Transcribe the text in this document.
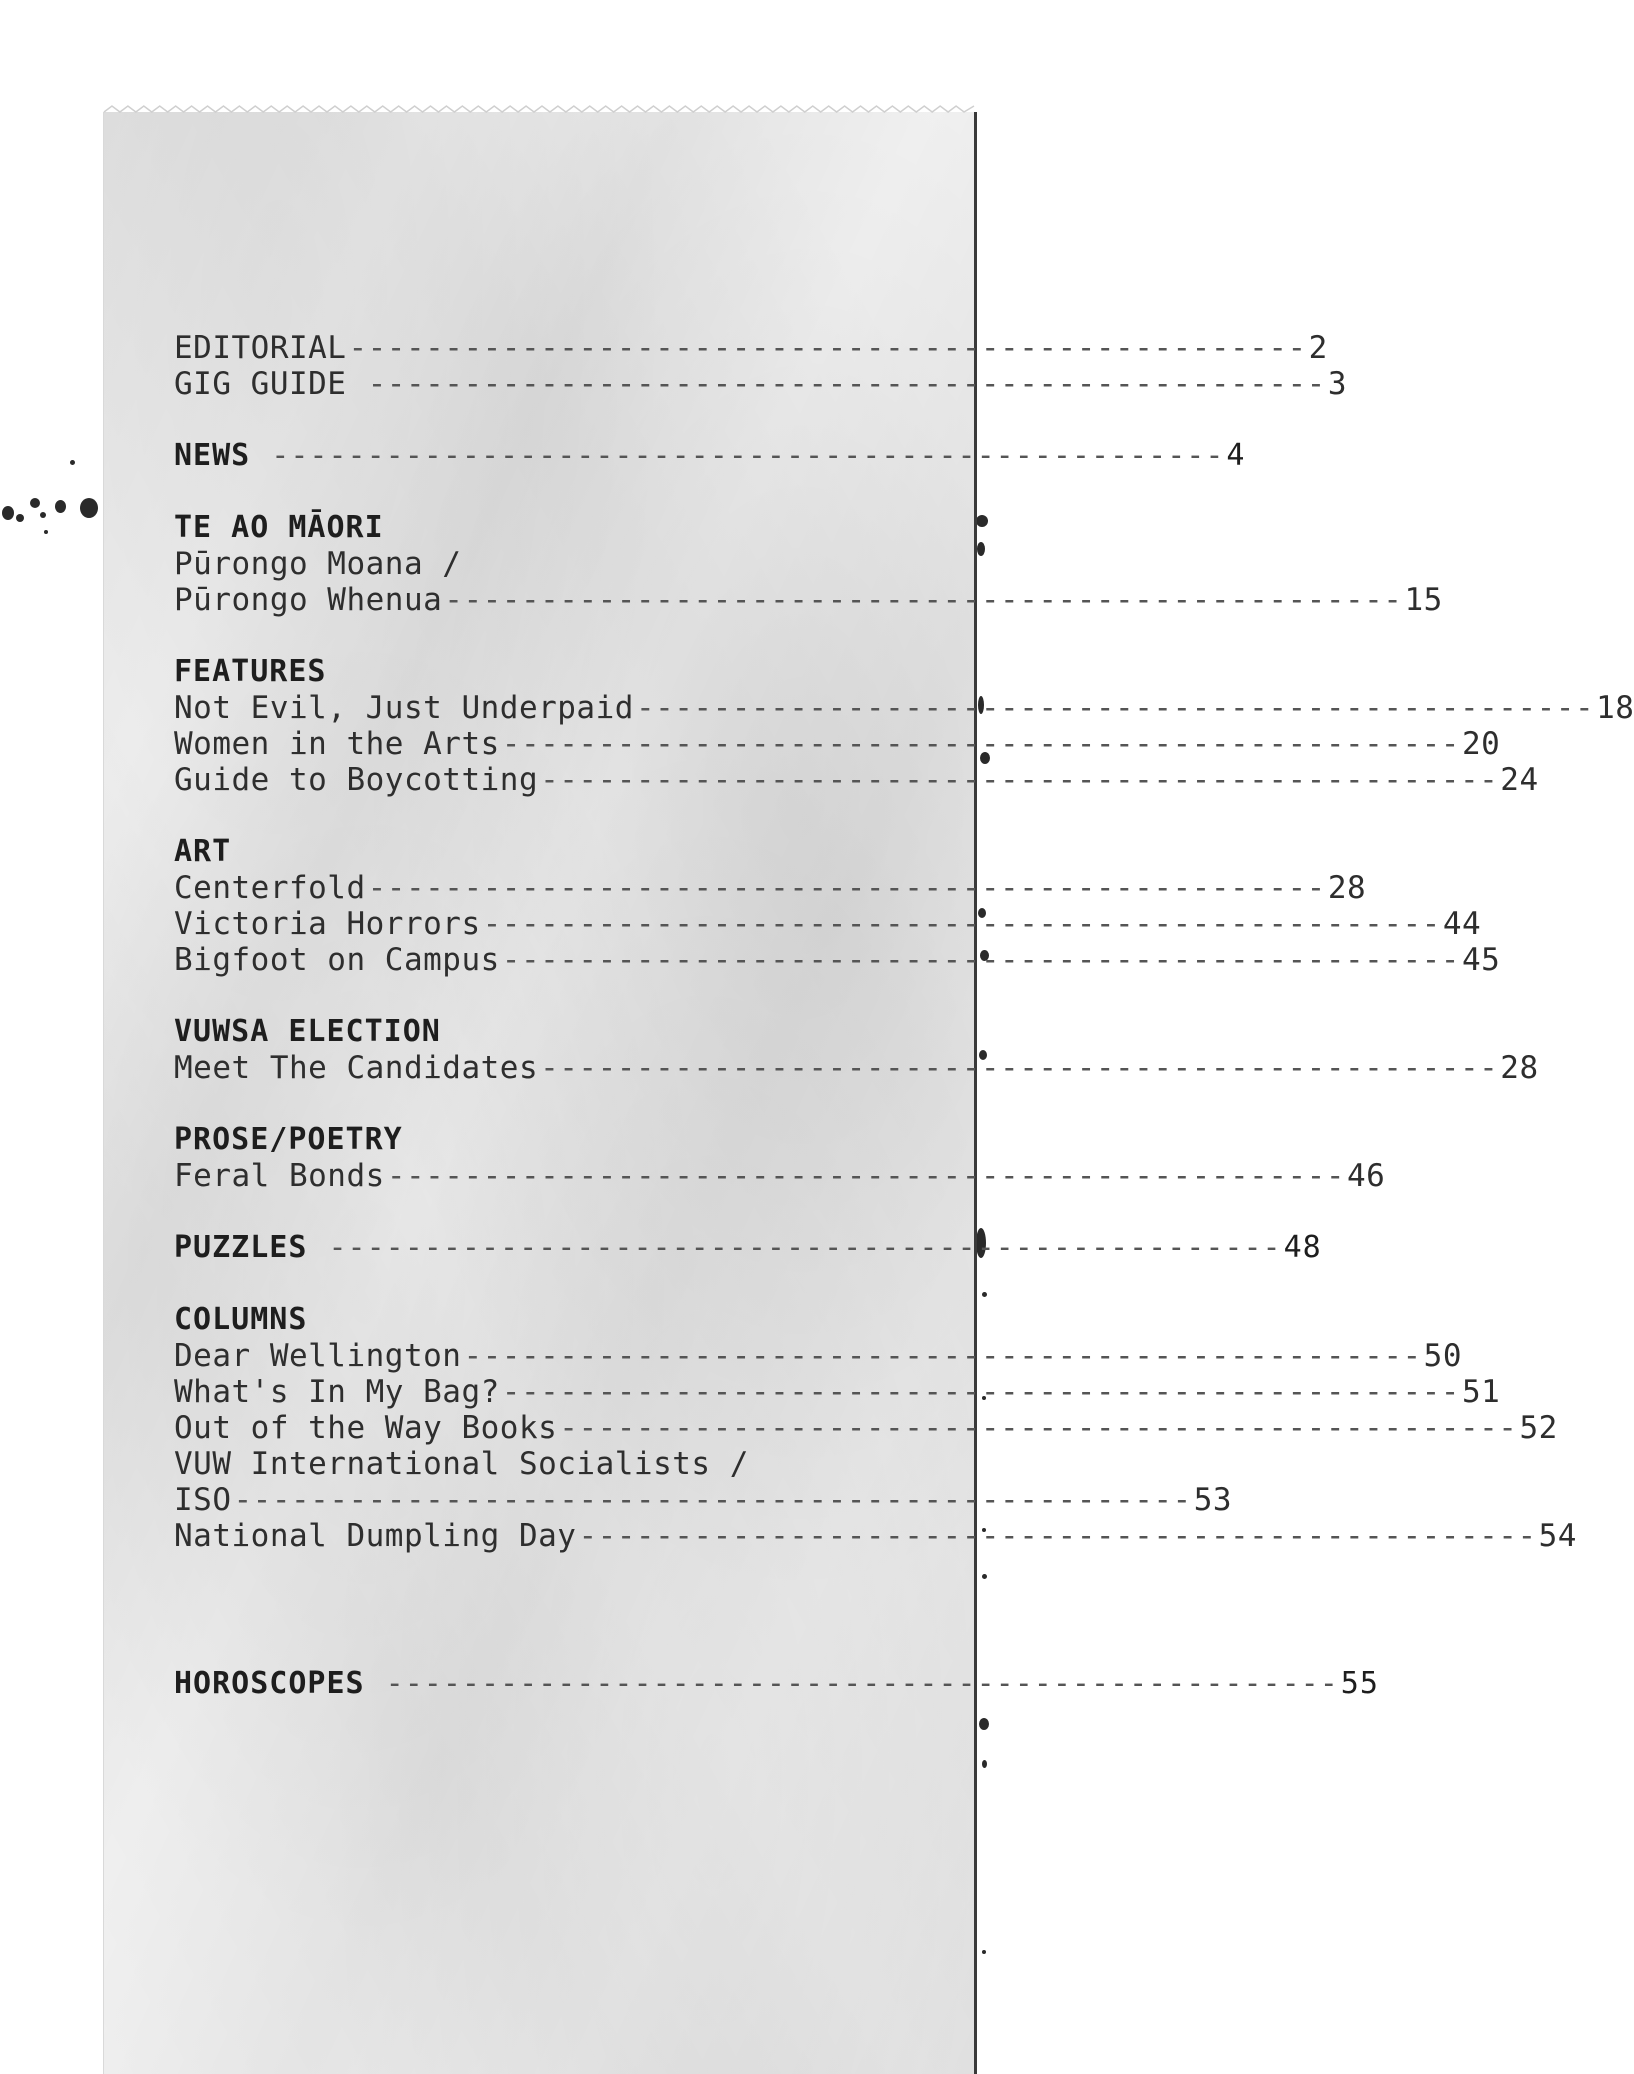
EDITORIAL -------------------------------------------------- 2
GIG GUIDE -------------------------------------------------- 3
NEWS -------------------------------------------------- 4
TE AO MĀORI
Pūrongo Moana /
Pūrongo Whenua -------------------------------------------------- 15
FEATURES
Not Evil, Just Underpaid -------------------------------------------------- 18
Women in the Arts -------------------------------------------------- 20
Guide to Boycotting -------------------------------------------------- 24
ART
Centerfold -------------------------------------------------- 28
Victoria Horrors -------------------------------------------------- 44
Bigfoot on Campus -------------------------------------------------- 45
VUWSA ELECTION
Meet The Candidates -------------------------------------------------- 28
PROSE/POETRY
Feral Bonds -------------------------------------------------- 46
PUZZLES -------------------------------------------------- 48
COLUMNS
Dear Wellington -------------------------------------------------- 50
What's In My Bag? -------------------------------------------------- 51
Out of the Way Books -------------------------------------------------- 52
VUW International Socialists /
ISO -------------------------------------------------- 53
National Dumpling Day -------------------------------------------------- 54
HOROSCOPES -------------------------------------------------- 55
